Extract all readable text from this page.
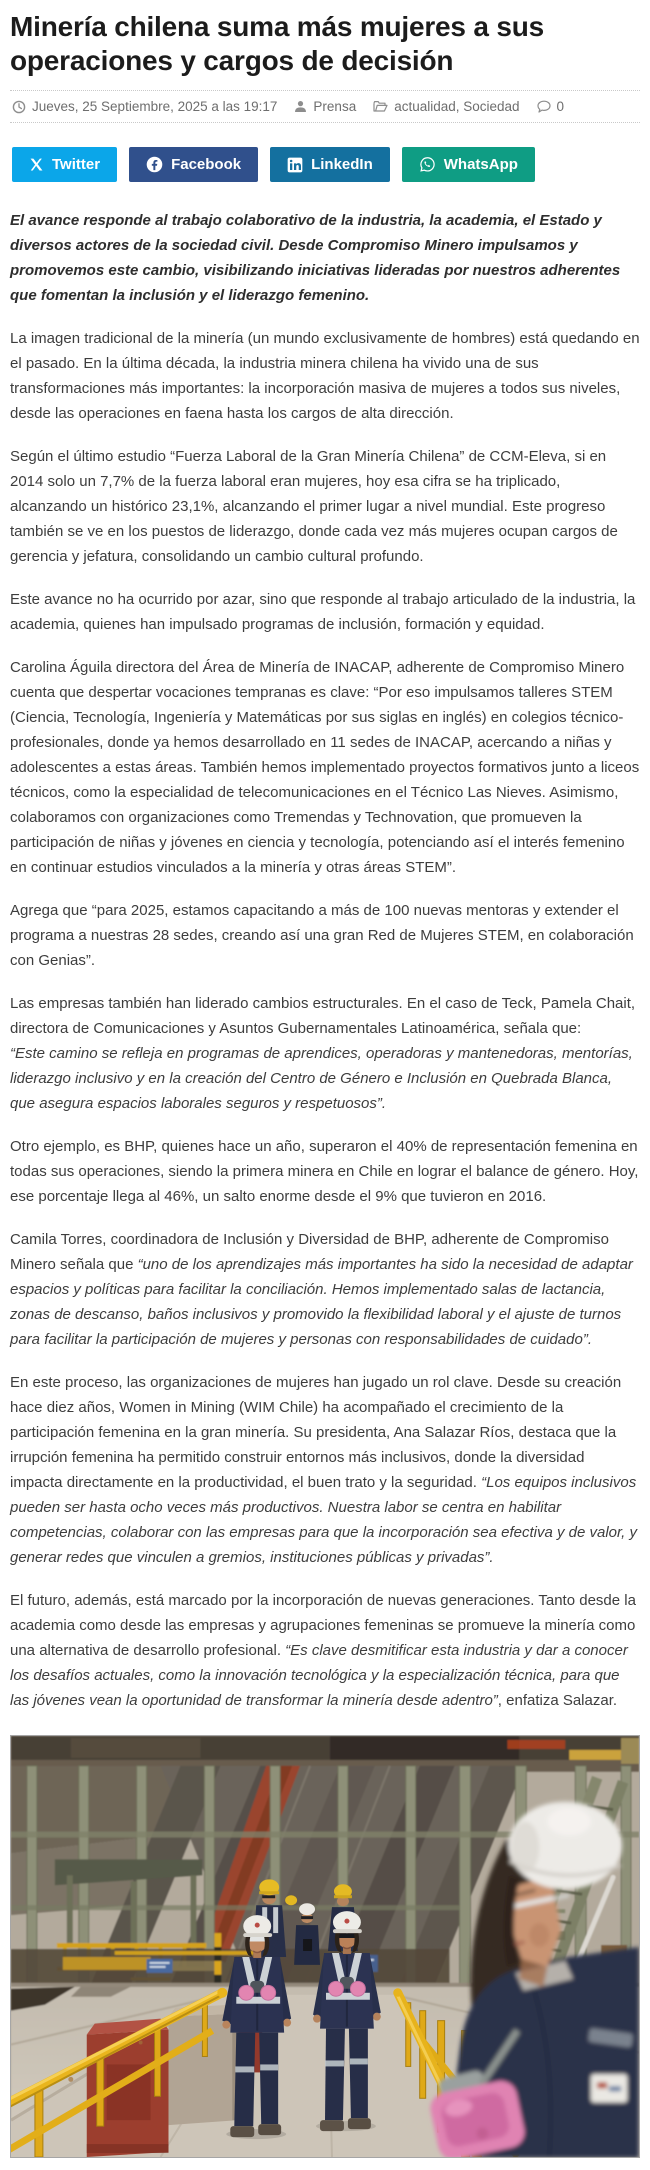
Minería chilena suma más mujeres a sus operaciones y cargos de decisión
Jueves, 25 Septiembre, 2025 a las 19:17	Prensa	actualidad, Sociedad	0
Twitter	Facebook	LinkedIn	WhatsApp

El avance responde al trabajo colaborativo de la industria, la academia, el Estado y diversos actores de la sociedad civil. Desde Compromiso Minero impulsamos y promovemos este cambio, visibilizando iniciativas lideradas por nuestros adherentes que fomentan la inclusión y el liderazgo femenino.

La imagen tradicional de la minería (un mundo exclusivamente de hombres) está quedando en el pasado. En la última década, la industria minera chilena ha vivido una de sus transformaciones más importantes: la incorporación masiva de mujeres a todos sus niveles, desde las operaciones en faena hasta los cargos de alta dirección.

Según el último estudio “Fuerza Laboral de la Gran Minería Chilena” de CCM-Eleva, si en 2014 solo un 7,7% de la fuerza laboral eran mujeres, hoy esa cifra se ha triplicado, alcanzando un histórico 23,1%, alcanzando el primer lugar a nivel mundial. Este progreso también se ve en los puestos de liderazgo, donde cada vez más mujeres ocupan cargos de gerencia y jefatura, consolidando un cambio cultural profundo.

Este avance no ha ocurrido por azar, sino que responde al trabajo articulado de la industria, la academia, quienes han impulsado programas de inclusión, formación y equidad.

Carolina Águila directora del Área de Minería de INACAP, adherente de Compromiso Minero cuenta que despertar vocaciones tempranas es clave: “Por eso impulsamos talleres STEM (Ciencia, Tecnología, Ingeniería y Matemáticas por sus siglas en inglés) en colegios técnico-profesionales, donde ya hemos desarrollado en 11 sedes de INACAP, acercando a niñas y adolescentes a estas áreas. También hemos implementado proyectos formativos junto a liceos técnicos, como la especialidad de telecomunicaciones en el Técnico Las Nieves. Asimismo, colaboramos con organizaciones como Tremendas y Technovation, que promueven la participación de niñas y jóvenes en ciencia y tecnología, potenciando así el interés femenino en continuar estudios vinculados a la minería y otras áreas STEM”.

Agrega que “para 2025, estamos capacitando a más de 100 nuevas mentoras y extender el programa a nuestras 28 sedes, creando así una gran Red de Mujeres STEM, en colaboración con Genias”.

Las empresas también han liderado cambios estructurales. En el caso de Teck, Pamela Chait, directora de Comunicaciones y Asuntos Gubernamentales Latinoamérica, señala que:
“Este camino se refleja en programas de aprendices, operadoras y mantenedoras, mentorías, liderazgo inclusivo y en la creación del Centro de Género e Inclusión en Quebrada Blanca, que asegura espacios laborales seguros y respetuosos”.

Otro ejemplo, es BHP, quienes hace un año, superaron el 40% de representación femenina en todas sus operaciones, siendo la primera minera en Chile en lograr el balance de género. Hoy, ese porcentaje llega al 46%, un salto enorme desde el 9% que tuvieron en 2016.

Camila Torres, coordinadora de Inclusión y Diversidad de BHP, adherente de Compromiso Minero señala que “uno de los aprendizajes más importantes ha sido la necesidad de adaptar espacios y políticas para facilitar la conciliación. Hemos implementado salas de lactancia, zonas de descanso, baños inclusivos y promovido la flexibilidad laboral y el ajuste de turnos para facilitar la participación de mujeres y personas con responsabilidades de cuidado”.

En este proceso, las organizaciones de mujeres han jugado un rol clave. Desde su creación hace diez años, Women in Mining (WIM Chile) ha acompañado el crecimiento de la participación femenina en la gran minería. Su presidenta, Ana Salazar Ríos, destaca que la irrupción femenina ha permitido construir entornos más inclusivos, donde la diversidad impacta directamente en la productividad, el buen trato y la seguridad. “Los equipos inclusivos pueden ser hasta ocho veces más productivos. Nuestra labor se centra en habilitar competencias, colaborar con las empresas para que la incorporación sea efectiva y de valor, y generar redes que vinculen a gremios, instituciones públicas y privadas”.

El futuro, además, está marcado por la incorporación de nuevas generaciones. Tanto desde la academia como desde las empresas y agrupaciones femeninas se promueve la minería como una alternativa de desarrollo profesional. “Es clave desmitificar esta industria y dar a conocer los desafíos actuales, como la innovación tecnológica y la especialización técnica, para que las jóvenes vean la oportunidad de transformar la minería desde adentro”, enfatiza Salazar.
